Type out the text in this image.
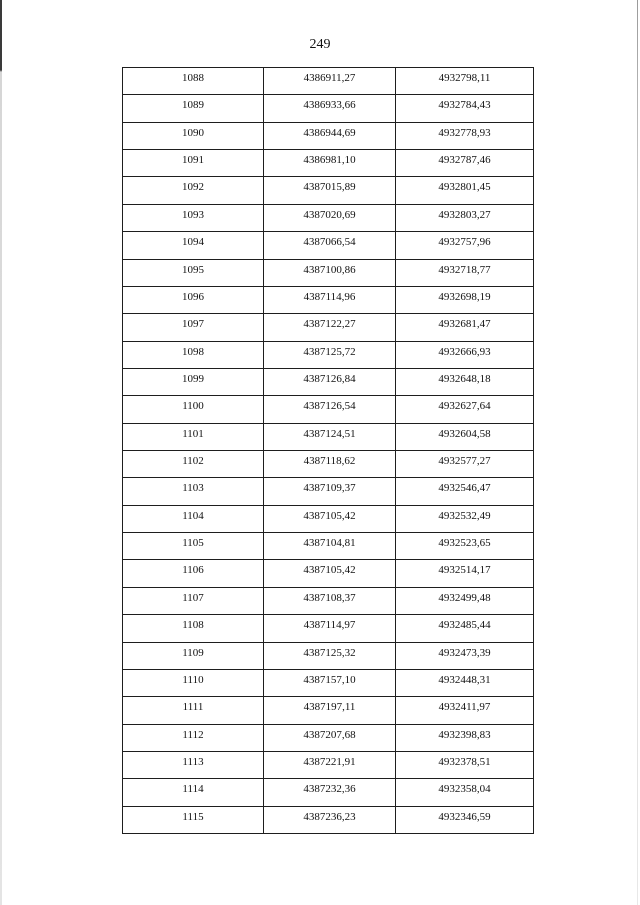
249
1088	4386911,27	4932798,11
1089	4386933,66	4932784,43
1090	4386944,69	4932778,93
1091	4386981,10	4932787,46
1092	4387015,89	4932801,45
1093	4387020,69	4932803,27
1094	4387066,54	4932757,96
1095	4387100,86	4932718,77
1096	4387114,96	4932698,19
1097	4387122,27	4932681,47
1098	4387125,72	4932666,93
1099	4387126,84	4932648,18
1100	4387126,54	4932627,64
1101	4387124,51	4932604,58
1102	4387118,62	4932577,27
1103	4387109,37	4932546,47
1104	4387105,42	4932532,49
1105	4387104,81	4932523,65
1106	4387105,42	4932514,17
1107	4387108,37	4932499,48
1108	4387114,97	4932485,44
1109	4387125,32	4932473,39
1110	4387157,10	4932448,31
1111	4387197,11	4932411,97
1112	4387207,68	4932398,83
1113	4387221,91	4932378,51
1114	4387232,36	4932358,04
1115	4387236,23	4932346,59
